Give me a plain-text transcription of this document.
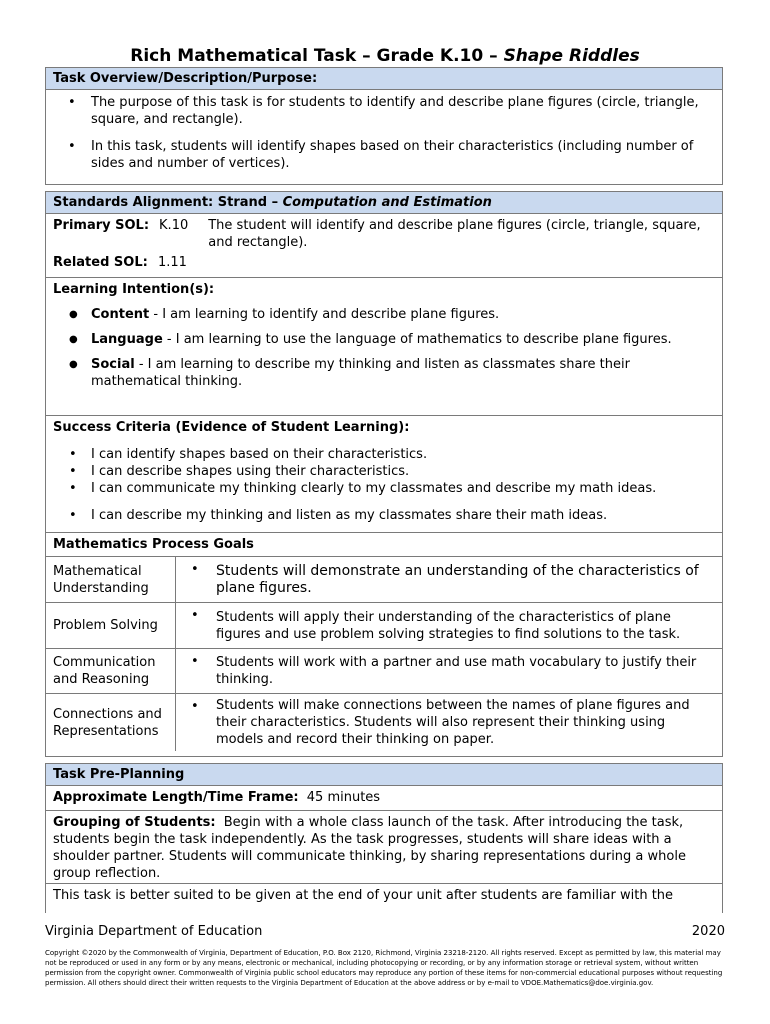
Rich Mathematical Task – Grade K.10 – Shape Riddles
Task Overview/Description/Purpose:
• The purpose of this task is for students to identify and describe plane figures (circle, triangle, square, and rectangle).
• In this task, students will identify shapes based on their characteristics (including number of sides and number of vertices).
Standards Alignment: Strand – Computation and Estimation
Primary SOL: K.10 The student will identify and describe plane figures (circle, triangle, square, and rectangle).
Related SOL: 1.11
Learning Intention(s):
● Content - I am learning to identify and describe plane figures.
● Language - I am learning to use the language of mathematics to describe plane figures.
● Social - I am learning to describe my thinking and listen as classmates share their mathematical thinking.
Success Criteria (Evidence of Student Learning):
• I can identify shapes based on their characteristics.
• I can describe shapes using their characteristics.
• I can communicate my thinking clearly to my classmates and describe my math ideas.
• I can describe my thinking and listen as my classmates share their math ideas.
Mathematics Process Goals
Mathematical Understanding
• Students will demonstrate an understanding of the characteristics of plane figures.
Problem Solving
• Students will apply their understanding of the characteristics of plane figures and use problem solving strategies to find solutions to the task.
Communication and Reasoning
• Students will work with a partner and use math vocabulary to justify their thinking.
Connections and Representations
• Students will make connections between the names of plane figures and their characteristics. Students will also represent their thinking using models and record their thinking on paper.
Task Pre-Planning
Approximate Length/Time Frame: 45 minutes
Grouping of Students: Begin with a whole class launch of the task. After introducing the task, students begin the task independently. As the task progresses, students will share ideas with a shoulder partner. Students will communicate thinking, by sharing representations during a whole group reflection.
This task is better suited to be given at the end of your unit after students are familiar with the
Virginia Department of Education	2020
Copyright ©2020 by the Commonwealth of Virginia, Department of Education, P.O. Box 2120, Richmond, Virginia 23218-2120. All rights reserved. Except as permitted by law, this material may not be reproduced or used in any form or by any means, electronic or mechanical, including photocopying or recording, or by any information storage or retrieval system, without written permission from the copyright owner. Commonwealth of Virginia public school educators may reproduce any portion of these items for non-commercial educational purposes without requesting permission. All others should direct their written requests to the Virginia Department of Education at the above address or by e-mail to VDOE.Mathematics@doe.virginia.gov.
